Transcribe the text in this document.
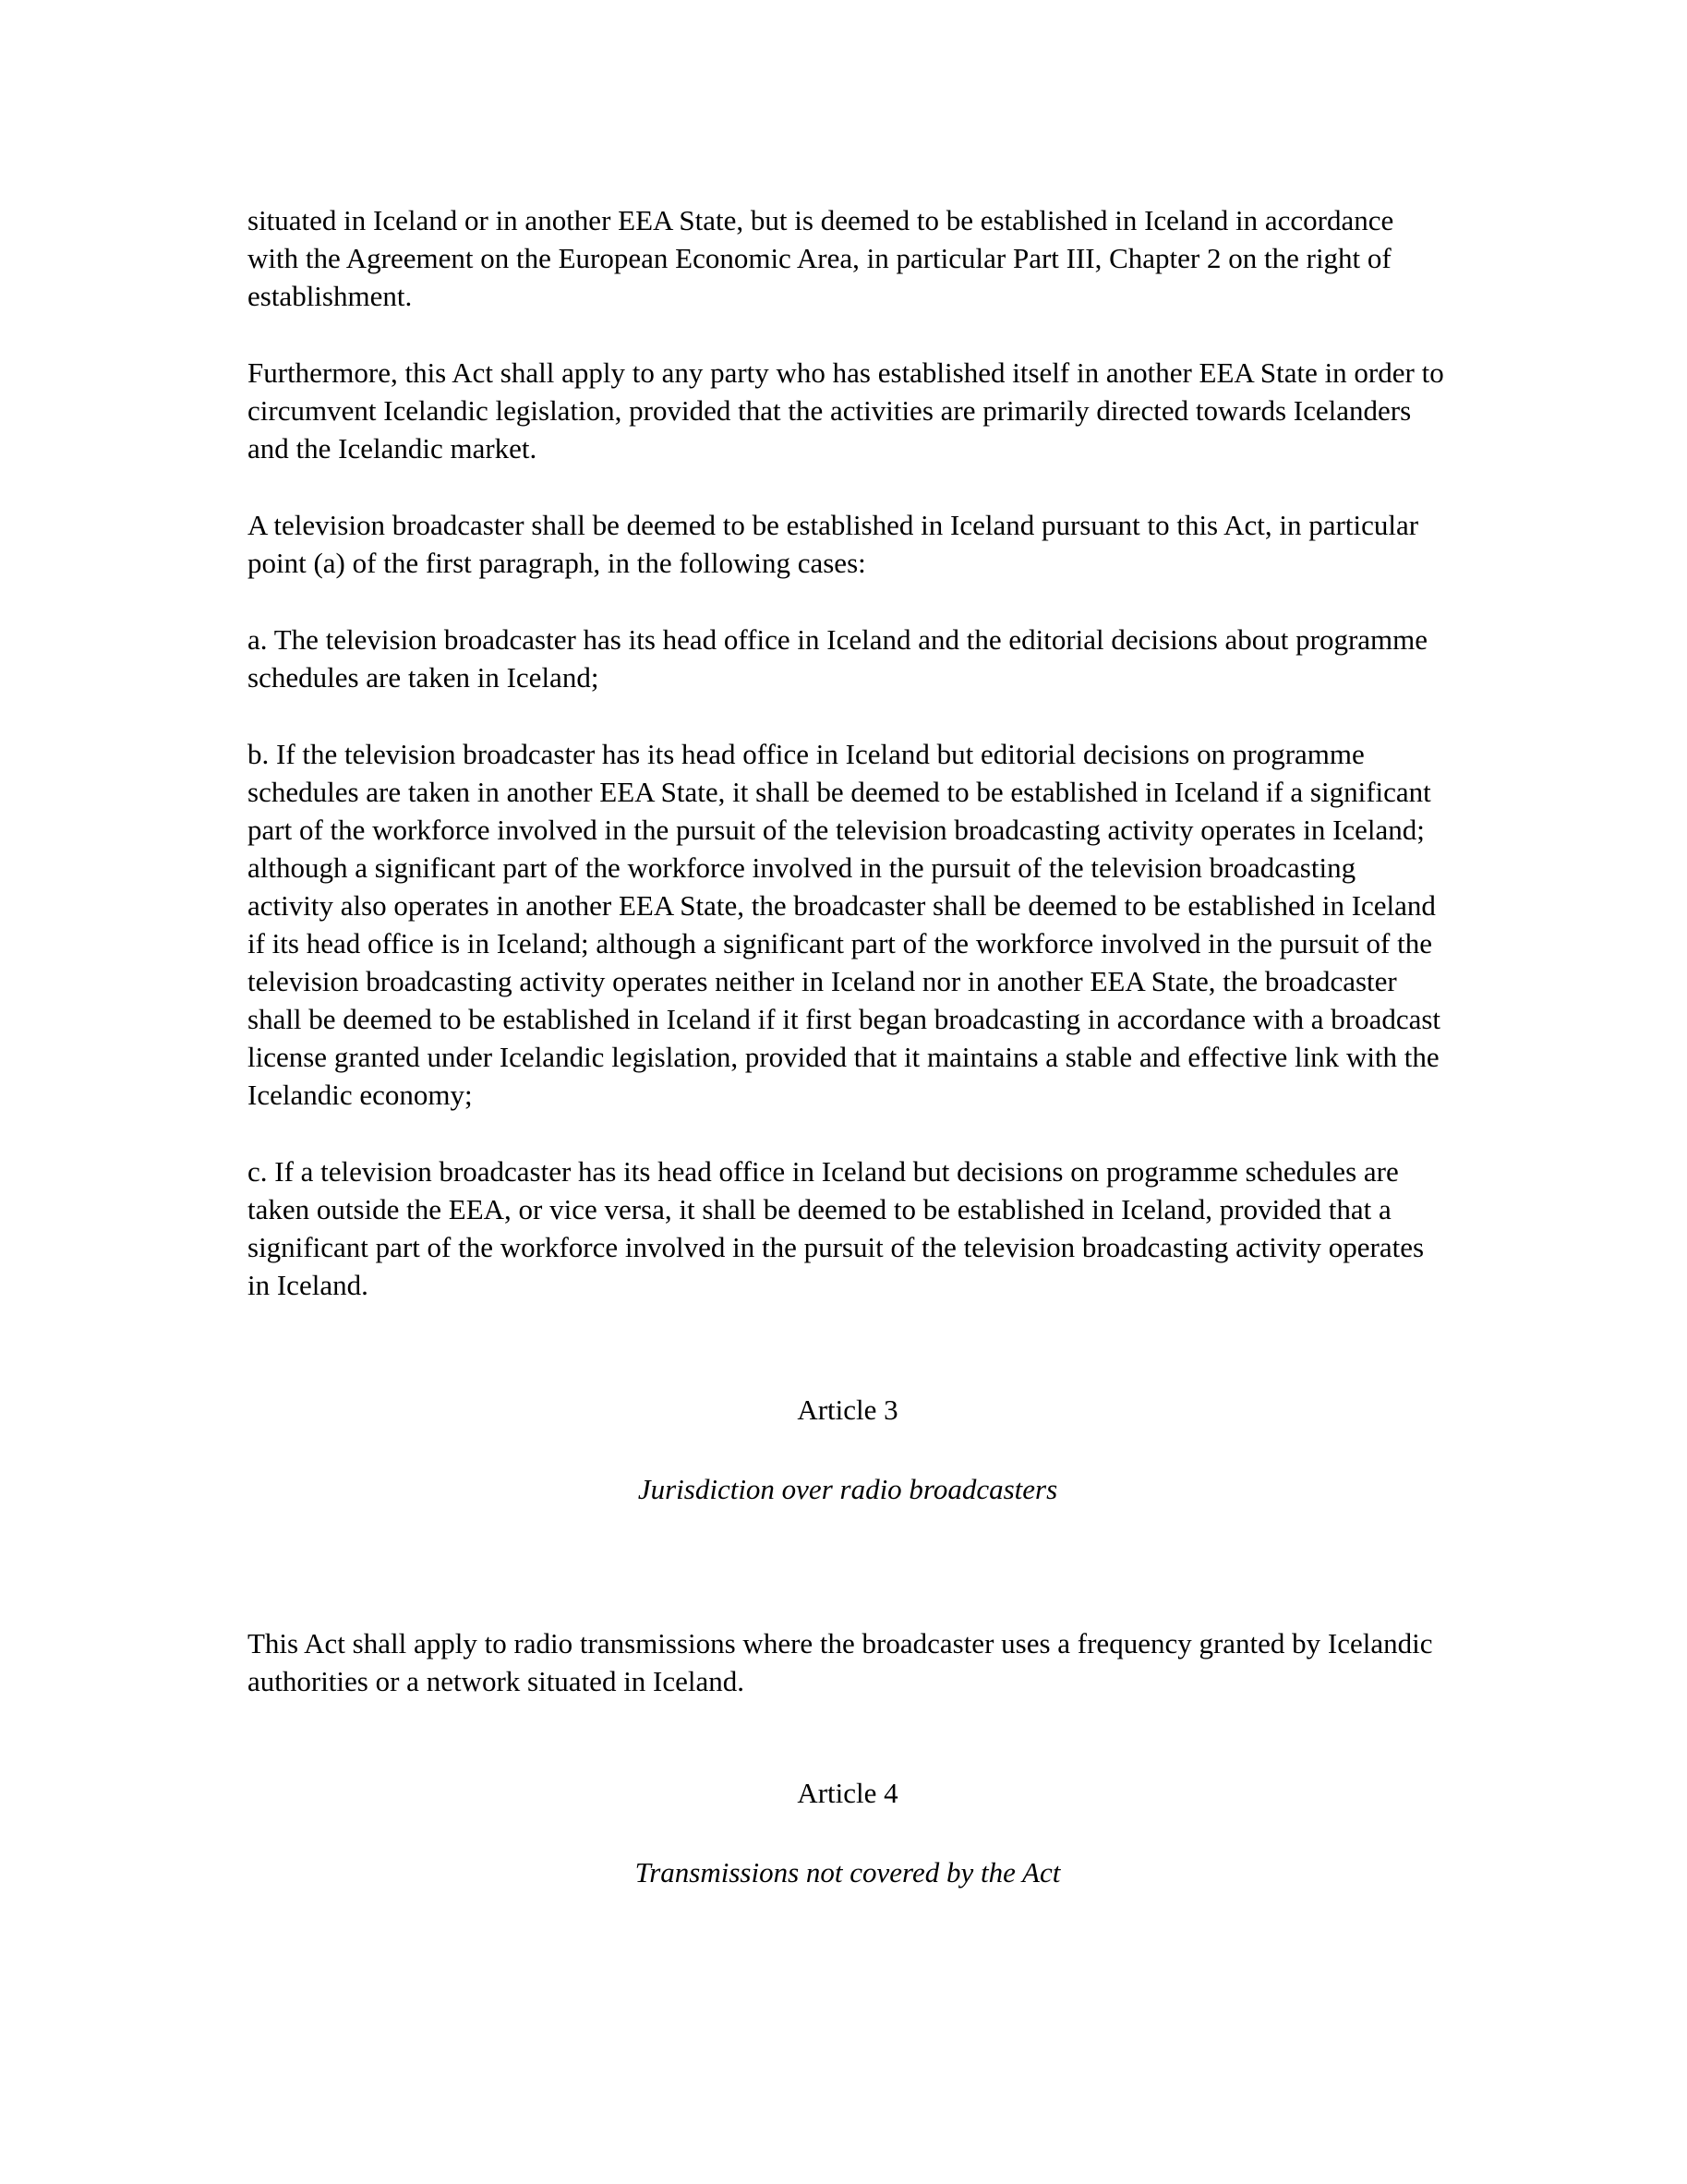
situated in Iceland or in another EEA State, but is deemed to be established in Iceland in accordance with the Agreement on the European Economic Area, in particular Part III, Chapter 2 on the right of establishment.

Furthermore, this Act shall apply to any party who has established itself in another EEA State in order to circumvent Icelandic legislation, provided that the activities are primarily directed towards Icelanders and the Icelandic market.

A television broadcaster shall be deemed to be established in Iceland pursuant to this Act, in particular point (a) of the first paragraph, in the following cases:

a. The television broadcaster has its head office in Iceland and the editorial decisions about programme schedules are taken in Iceland;

b. If the television broadcaster has its head office in Iceland but editorial decisions on programme schedules are taken in another EEA State, it shall be deemed to be established in Iceland if a significant part of the workforce involved in the pursuit of the television broadcasting activity operates in Iceland; although a significant part of the workforce involved in the pursuit of the television broadcasting activity also operates in another EEA State, the broadcaster shall be deemed to be established in Iceland if its head office is in Iceland; although a significant part of the workforce involved in the pursuit of the television broadcasting activity operates neither in Iceland nor in another EEA State, the broadcaster shall be deemed to be established in Iceland if it first began broadcasting in accordance with a broadcast license granted under Icelandic legislation, provided that it maintains a stable and effective link with the Icelandic economy;

c. If a television broadcaster has its head office in Iceland but decisions on programme schedules are taken outside the EEA, or vice versa, it shall be deemed to be established in Iceland, provided that a significant part of the workforce involved in the pursuit of the television broadcasting activity operates in Iceland.

Article 3
Jurisdiction over radio broadcasters

This Act shall apply to radio transmissions where the broadcaster uses a frequency granted by Icelandic authorities or a network situated in Iceland.

Article 4
Transmissions not covered by the Act
